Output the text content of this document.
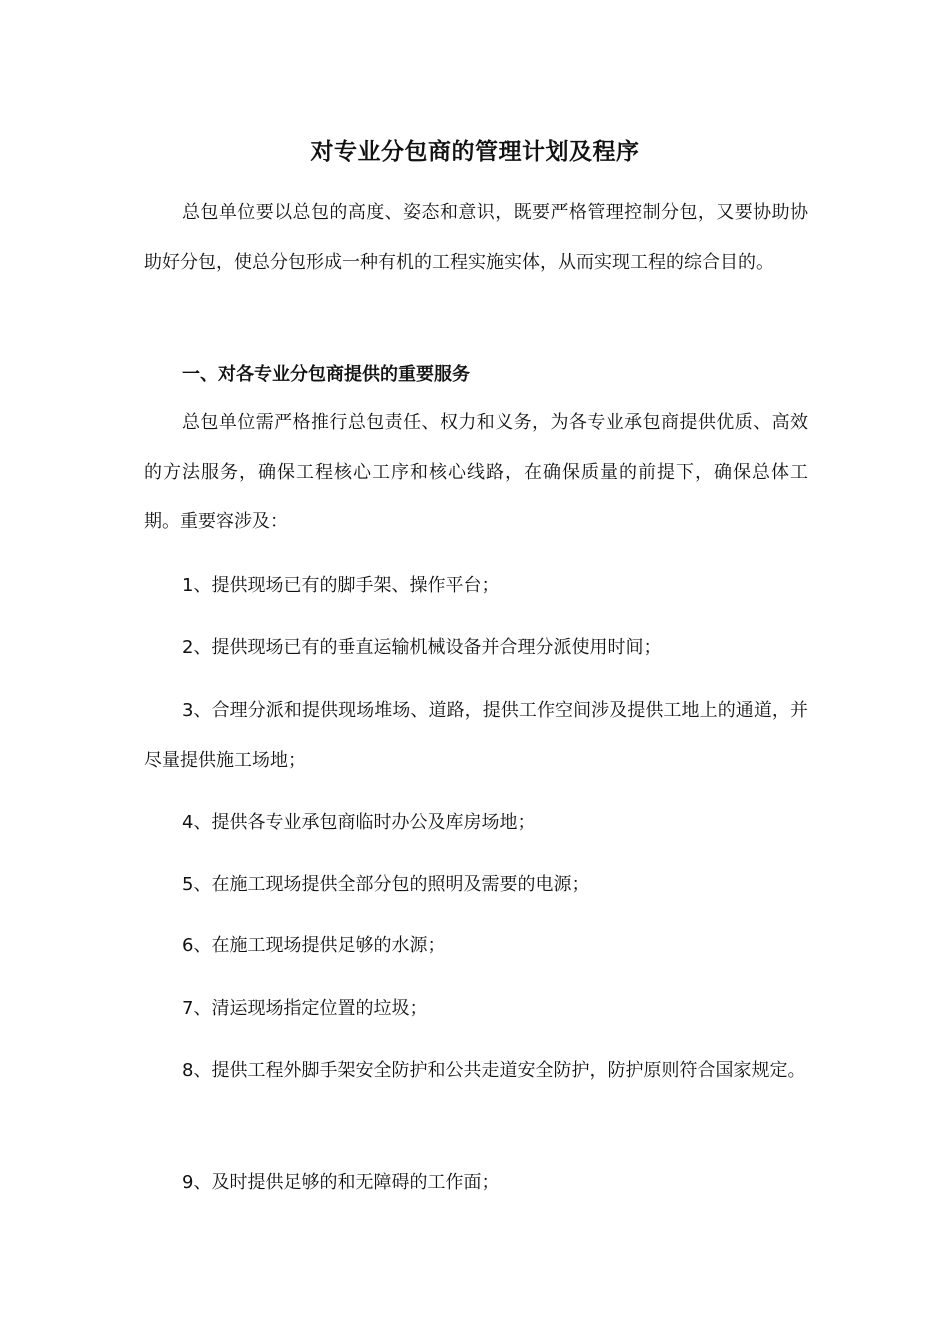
对专业分包商的管理计划及程序
总包单位要以总包的高度、姿态和意识，既要严格管理控制分包，又要协助协助好分包，使总分包形成一种有机的工程实施实体，从而实现工程的综合目的。
一、对各专业分包商提供的重要服务
总包单位需严格推行总包责任、权力和义务，为各专业承包商提供优质、高效的方法服务，确保工程核心工序和核心线路，在确保质量的前提下，确保总体工期。重要容涉及：
1、提供现场已有的脚手架、操作平台；
2、提供现场已有的垂直运输机械设备并合理分派使用时间；
3、合理分派和提供现场堆场、道路，提供工作空间涉及提供工地上的通道，并尽量提供施工场地；
4、提供各专业承包商临时办公及库房场地；
5、在施工现场提供全部分包的照明及需要的电源；
6、在施工现场提供足够的水源；
7、清运现场指定位置的垃圾；
8、提供工程外脚手架安全防护和公共走道安全防护，防护原则符合国家规定。
9、及时提供足够的和无障碍的工作面；
